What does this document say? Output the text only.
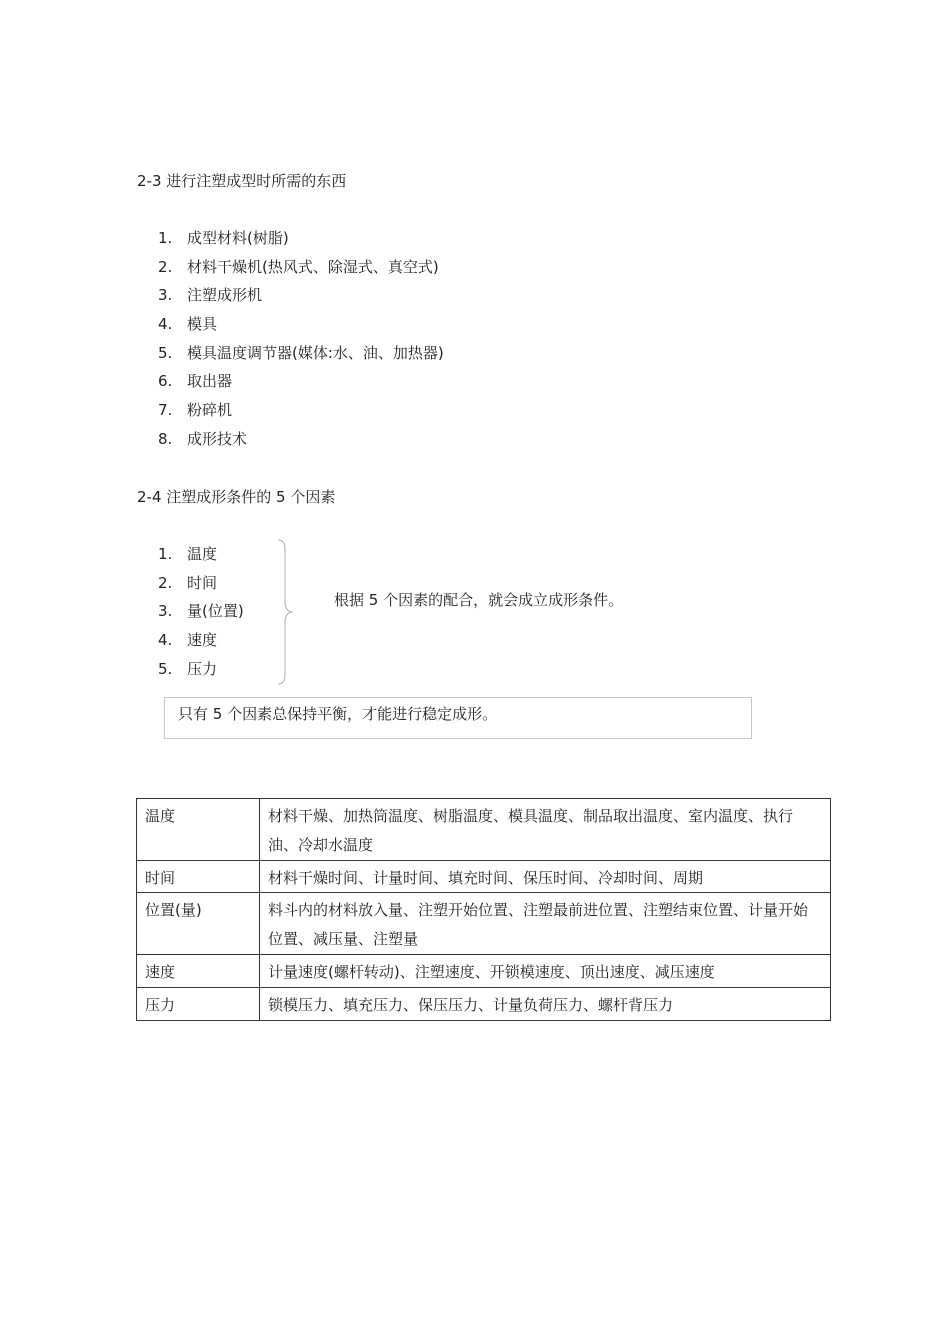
2-3 进行注塑成型时所需的东西
1. 成型材料(树脂)
2. 材料干燥机(热风式、除湿式、真空式)
3. 注塑成形机
4. 模具
5. 模具温度调节器(媒体:水、油、加热器)
6. 取出器
7. 粉碎机
8. 成形技术
2-4 注塑成形条件的 5 个因素
1. 温度
2. 时间
3. 量(位置)
4. 速度
5. 压力
根据 5 个因素的配合，就会成立成形条件。
只有 5 个因素总保持平衡，才能进行稳定成形。
温度	材料干燥、加热筒温度、树脂温度、模具温度、制品取出温度、室内温度、执行油、冷却水温度
时间	材料干燥时间、计量时间、填充时间、保压时间、冷却时间、周期
位置(量)	料斗内的材料放入量、注塑开始位置、注塑最前进位置、注塑结束位置、计量开始位置、减压量、注塑量
速度	计量速度(螺杆转动)、注塑速度、开锁模速度、顶出速度、减压速度
压力	锁模压力、填充压力、保压压力、计量负荷压力、螺杆背压力
